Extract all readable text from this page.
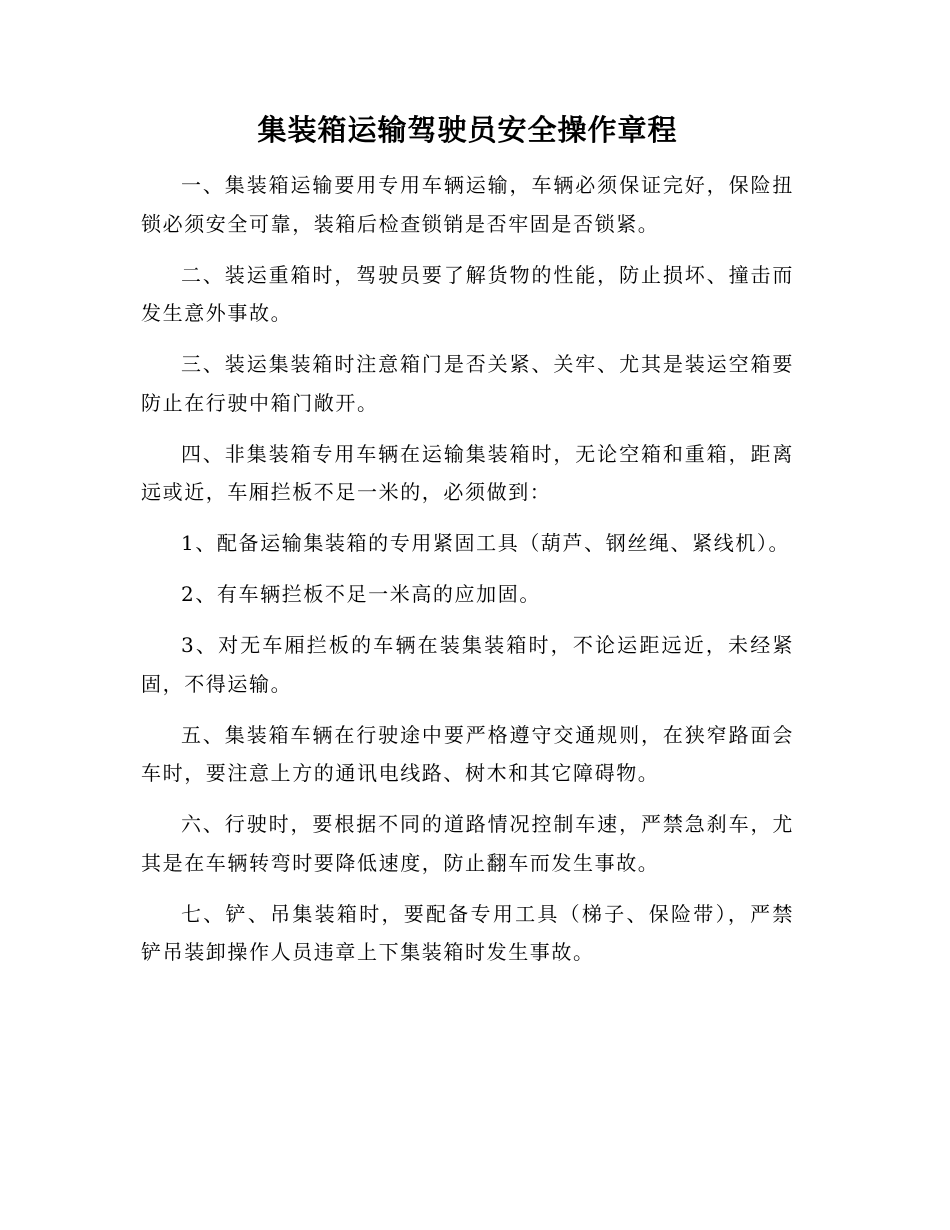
集装箱运输驾驶员安全操作章程

一、集装箱运输要用专用车辆运输，车辆必须保证完好，保险扭锁必须安全可靠，装箱后检查锁销是否牢固是否锁紧。

二、装运重箱时，驾驶员要了解货物的性能，防止损坏、撞击而发生意外事故。

三、装运集装箱时注意箱门是否关紧、关牢、尤其是装运空箱要防止在行驶中箱门敞开。

四、非集装箱专用车辆在运输集装箱时，无论空箱和重箱，距离远或近，车厢拦板不足一米的，必须做到：

1、配备运输集装箱的专用紧固工具（葫芦、钢丝绳、紧线机）。

2、有车辆拦板不足一米高的应加固。

3、对无车厢拦板的车辆在装集装箱时，不论运距远近，未经紧固，不得运输。

五、集装箱车辆在行驶途中要严格遵守交通规则，在狭窄路面会车时，要注意上方的通讯电线路、树木和其它障碍物。

六、行驶时，要根据不同的道路情况控制车速，严禁急刹车，尤其是在车辆转弯时要降低速度，防止翻车而发生事故。

七、铲、吊集装箱时，要配备专用工具（梯子、保险带），严禁铲吊装卸操作人员违章上下集装箱时发生事故。
